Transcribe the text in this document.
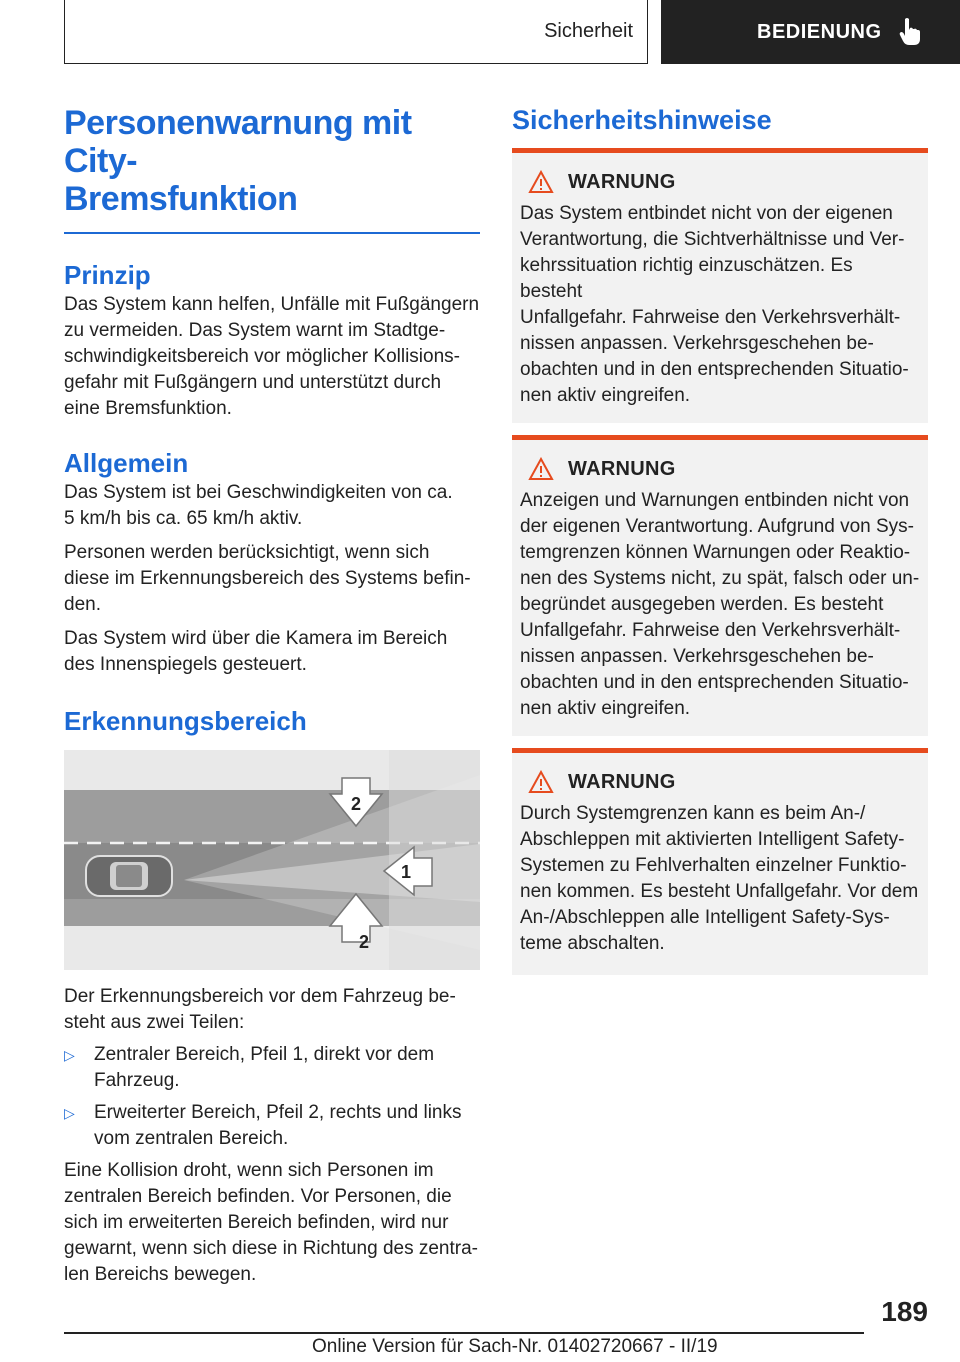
Sicherheit	BEDIENUNG
Personenwarnung mit City-
Bremsfunktion
Prinzip

Das System kann helfen, Unfälle mit Fußgängern
zu vermeiden. Das System warnt im Stadtge-
schwindigkeitsbereich vor möglicher Kollisions-
gefahr mit Fußgängern und unterstützt durch
eine Bremsfunktion.

Allgemein

Das System ist bei Geschwindigkeiten von ca.
5 km/h bis ca. 65 km/h aktiv.

Personen werden berücksichtigt, wenn sich
diese im Erkennungsbereich des Systems befin-
den.

Das System wird über die Kamera im Bereich
des Innenspiegels gesteuert.

Erkennungsbereich
2
1
2

Der Erkennungsbereich vor dem Fahrzeug be-
steht aus zwei Teilen:

▷	Zentraler Bereich, Pfeil 1, direkt vor dem
Fahrzeug.
▷	Erweiterter Bereich, Pfeil 2, rechts und links
vom zentralen Bereich.

Eine Kollision droht, wenn sich Personen im
zentralen Bereich befinden. Vor Personen, die
sich im erweiterten Bereich befinden, wird nur
gewarnt, wenn sich diese in Richtung des zentra-
len Bereichs bewegen.

Sicherheitshinweise
WARNUNG

Das System entbindet nicht von der eigenen
Verantwortung, die Sichtverhältnisse und Ver-
kehrssituation richtig einzuschätzen. Es besteht
Unfallgefahr. Fahrweise den Verkehrsverhält-
nissen anpassen. Verkehrsgeschehen be-
obachten und in den entsprechenden Situatio-
nen aktiv eingreifen.

WARNUNG

Anzeigen und Warnungen entbinden nicht von
der eigenen Verantwortung. Aufgrund von Sys-
temgrenzen können Warnungen oder Reaktio-
nen des Systems nicht, zu spät, falsch oder un-
begründet ausgegeben werden. Es besteht
Unfallgefahr. Fahrweise den Verkehrsverhält-
nissen anpassen. Verkehrsgeschehen be-
obachten und in den entsprechenden Situatio-
nen aktiv eingreifen.

WARNUNG

Durch Systemgrenzen kann es beim An-/
Abschleppen mit aktivierten Intelligent Safety-
Systemen zu Fehlverhalten einzelner Funktio-
nen kommen. Es besteht Unfallgefahr. Vor dem
An-/Abschleppen alle Intelligent Safety-Sys-
teme abschalten.

189
Online Version für Sach-Nr. 01402720667 - II/19
